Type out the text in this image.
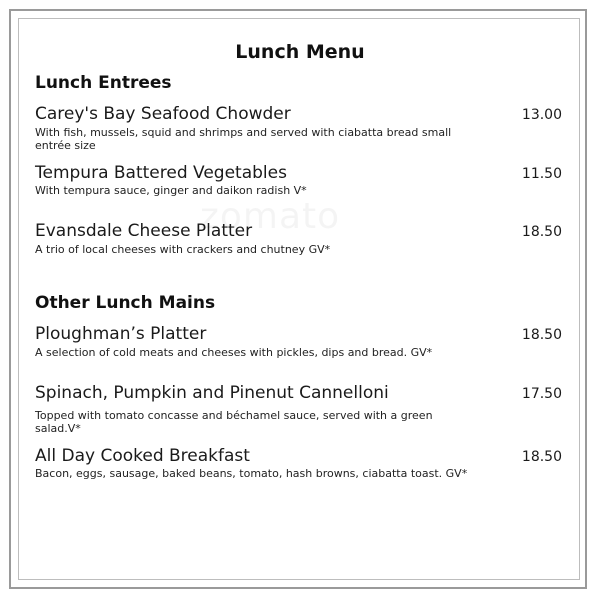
Lunch Menu
Lunch Entrees
Carey's Bay Seafood Chowder	13.00
With fish, mussels, squid and shrimps and served with ciabatta bread small entrée size
Tempura Battered Vegetables	11.50
With tempura sauce, ginger and daikon radish V*
Evansdale Cheese Platter	18.50
A trio of local cheeses with crackers and chutney GV*
Other Lunch Mains
Ploughman’s Platter	18.50
A selection of cold meats and cheeses with pickles, dips and bread. GV*
Spinach, Pumpkin and Pinenut Cannelloni	17.50
Topped with tomato concasse and béchamel sauce, served with a green salad.V*
All Day Cooked Breakfast	18.50
Bacon, eggs, sausage, baked beans, tomato, hash browns, ciabatta toast. GV*
